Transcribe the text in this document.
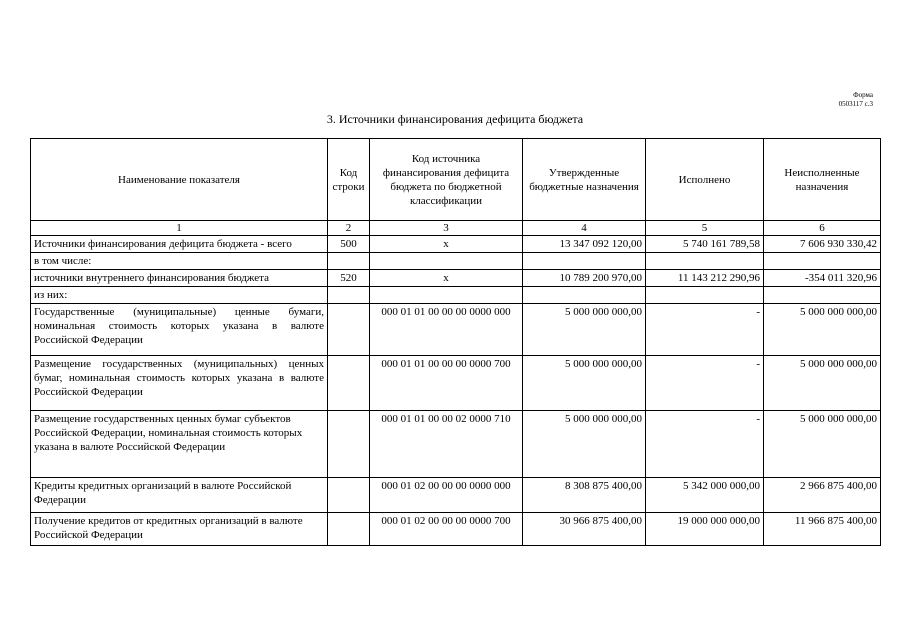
Форма
0503117 с.3
3. Источники финансирования дефицита бюджета
Наименование показателя	Код строки	Код источника финансирования дефицита бюджета по бюджетной классификации	Утвержденные бюджетные назначения	Исполнено	Неисполненные назначения
1	2	3	4	5	6
Источники финансирования дефицита бюджета - всего	500	x	13 347 092 120,00	5 740 161 789,58	7 606 930 330,42
в том числе:					
источники внутреннего финансирования бюджета	520	x	10 789 200 970,00	11 143 212 290,96	-354 011 320,96
из них:					
Государственные (муниципальные) ценные бумаги, номинальная стоимость которых указана в валюте Российской Федерации		000 01 01 00 00 00 0000 000	5 000 000 000,00	-	5 000 000 000,00
Размещение государственных (муниципальных) ценных бумаг, номинальная стоимость которых указана в валюте Российской Федерации		000 01 01 00 00 00 0000 700	5 000 000 000,00	-	5 000 000 000,00
Размещение государственных ценных бумаг субъектов Российской Федерации, номинальная стоимость которых указана в валюте Российской Федерации		000 01 01 00 00 02 0000 710	5 000 000 000,00	-	5 000 000 000,00
Кредиты кредитных организаций в валюте Российской Федерации		000 01 02 00 00 00 0000 000	8 308 875 400,00	5 342 000 000,00	2 966 875 400,00
Получение кредитов от кредитных организаций в валюте Российской Федерации		000 01 02 00 00 00 0000 700	30 966 875 400,00	19 000 000 000,00	11 966 875 400,00
